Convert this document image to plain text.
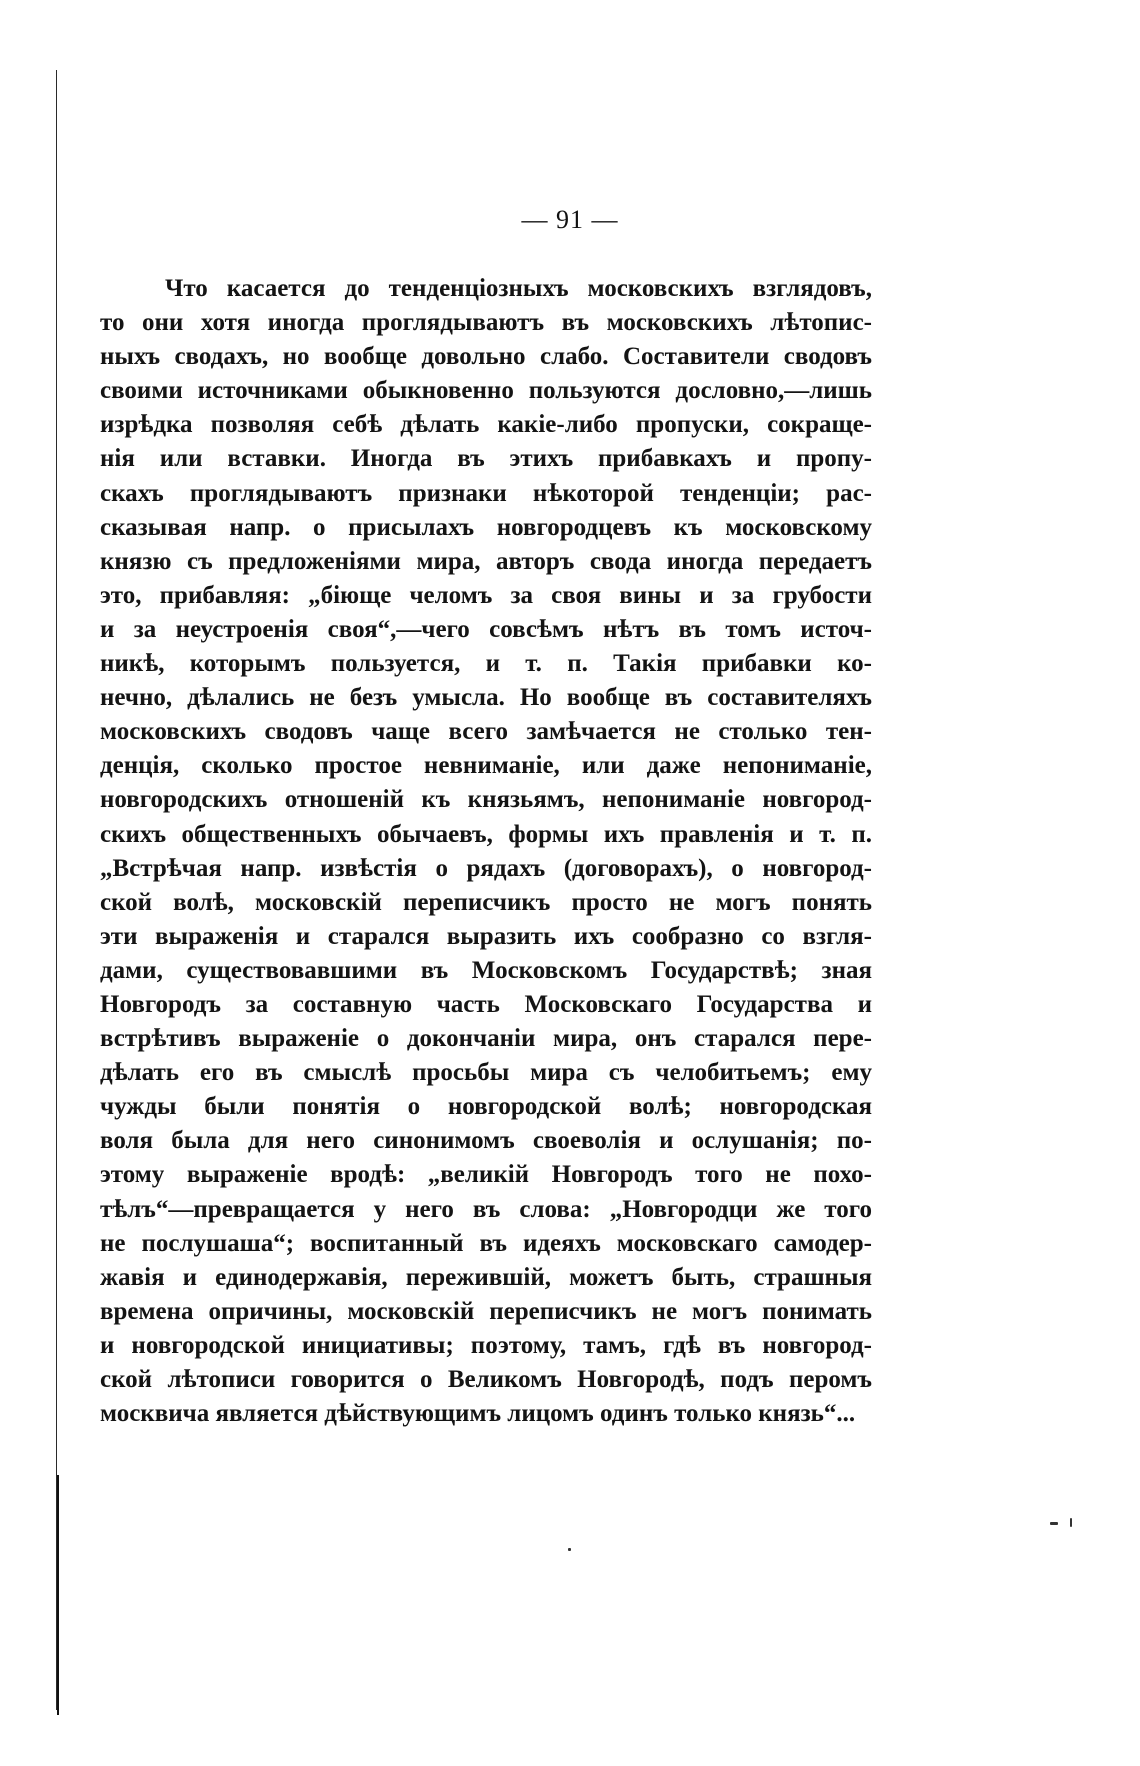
— 91 —
Что касается до тенденціозныхъ московскихъ взглядовъ,
то они хотя иногда проглядываютъ въ московскихъ лѣтопис-
ныхъ сводахъ, но вообще довольно слабо. Составители сводовъ
своими источниками обыкновенно пользуются дословно,—лишь
изрѣдка позволяя себѣ дѣлать какіе-либо пропуски, сокраще-
нія или вставки. Иногда въ этихъ прибавкахъ и пропу-
скахъ проглядываютъ признаки нѣкоторой тенденціи; рас-
сказывая напр. о присылахъ новгородцевъ къ московскому
князю съ предложеніями мира, авторъ свода иногда передаетъ
это, прибавляя: „біюще челомъ за своя вины и за грубости
и за неустроенія своя“,—чего совсѣмъ нѣтъ въ томъ источ-
никѣ, которымъ пользуется, и т. п. Такія прибавки ко-
нечно, дѣлались не безъ умысла. Но вообще въ составителяхъ
московскихъ сводовъ чаще всего замѣчается не столько тен-
денція, сколько простое невниманіе, или даже непониманіе,
новгородскихъ отношеній къ князьямъ, непониманіе новгород-
скихъ общественныхъ обычаевъ, формы ихъ правленія и т. п.
„Встрѣчая напр. извѣстія о рядахъ (договорахъ), о новгород-
ской волѣ, московскій переписчикъ просто не могъ понять
эти выраженія и старался выразить ихъ сообразно со взгля-
дами, существовавшими въ Московскомъ Государствѣ; зная
Новгородъ за составную часть Московскаго Государства и
встрѣтивъ выраженіе о докончаніи мира, онъ старался пере-
дѣлать его въ смыслѣ просьбы мира съ челобитьемъ; ему
чужды были понятія о новгородской волѣ; новгородская
воля была для него синонимомъ своеволія и ослушанія; по-
этому выраженіе вродѣ: „великій Новгородъ того не похо-
тѣлъ“—превращается у него въ слова: „Новгородци же того
не послушаша“; воспитанный въ идеяхъ московскаго самодер-
жавія и единодержавія, пережившій, можетъ быть, страшныя
времена опричины, московскій переписчикъ не могъ понимать
и новгородской инициативы; поэтому, тамъ, гдѣ въ новгород-
ской лѣтописи говорится о Великомъ Новгородѣ, подъ перомъ
москвича является дѣйствующимъ лицомъ одинъ только князь“...
